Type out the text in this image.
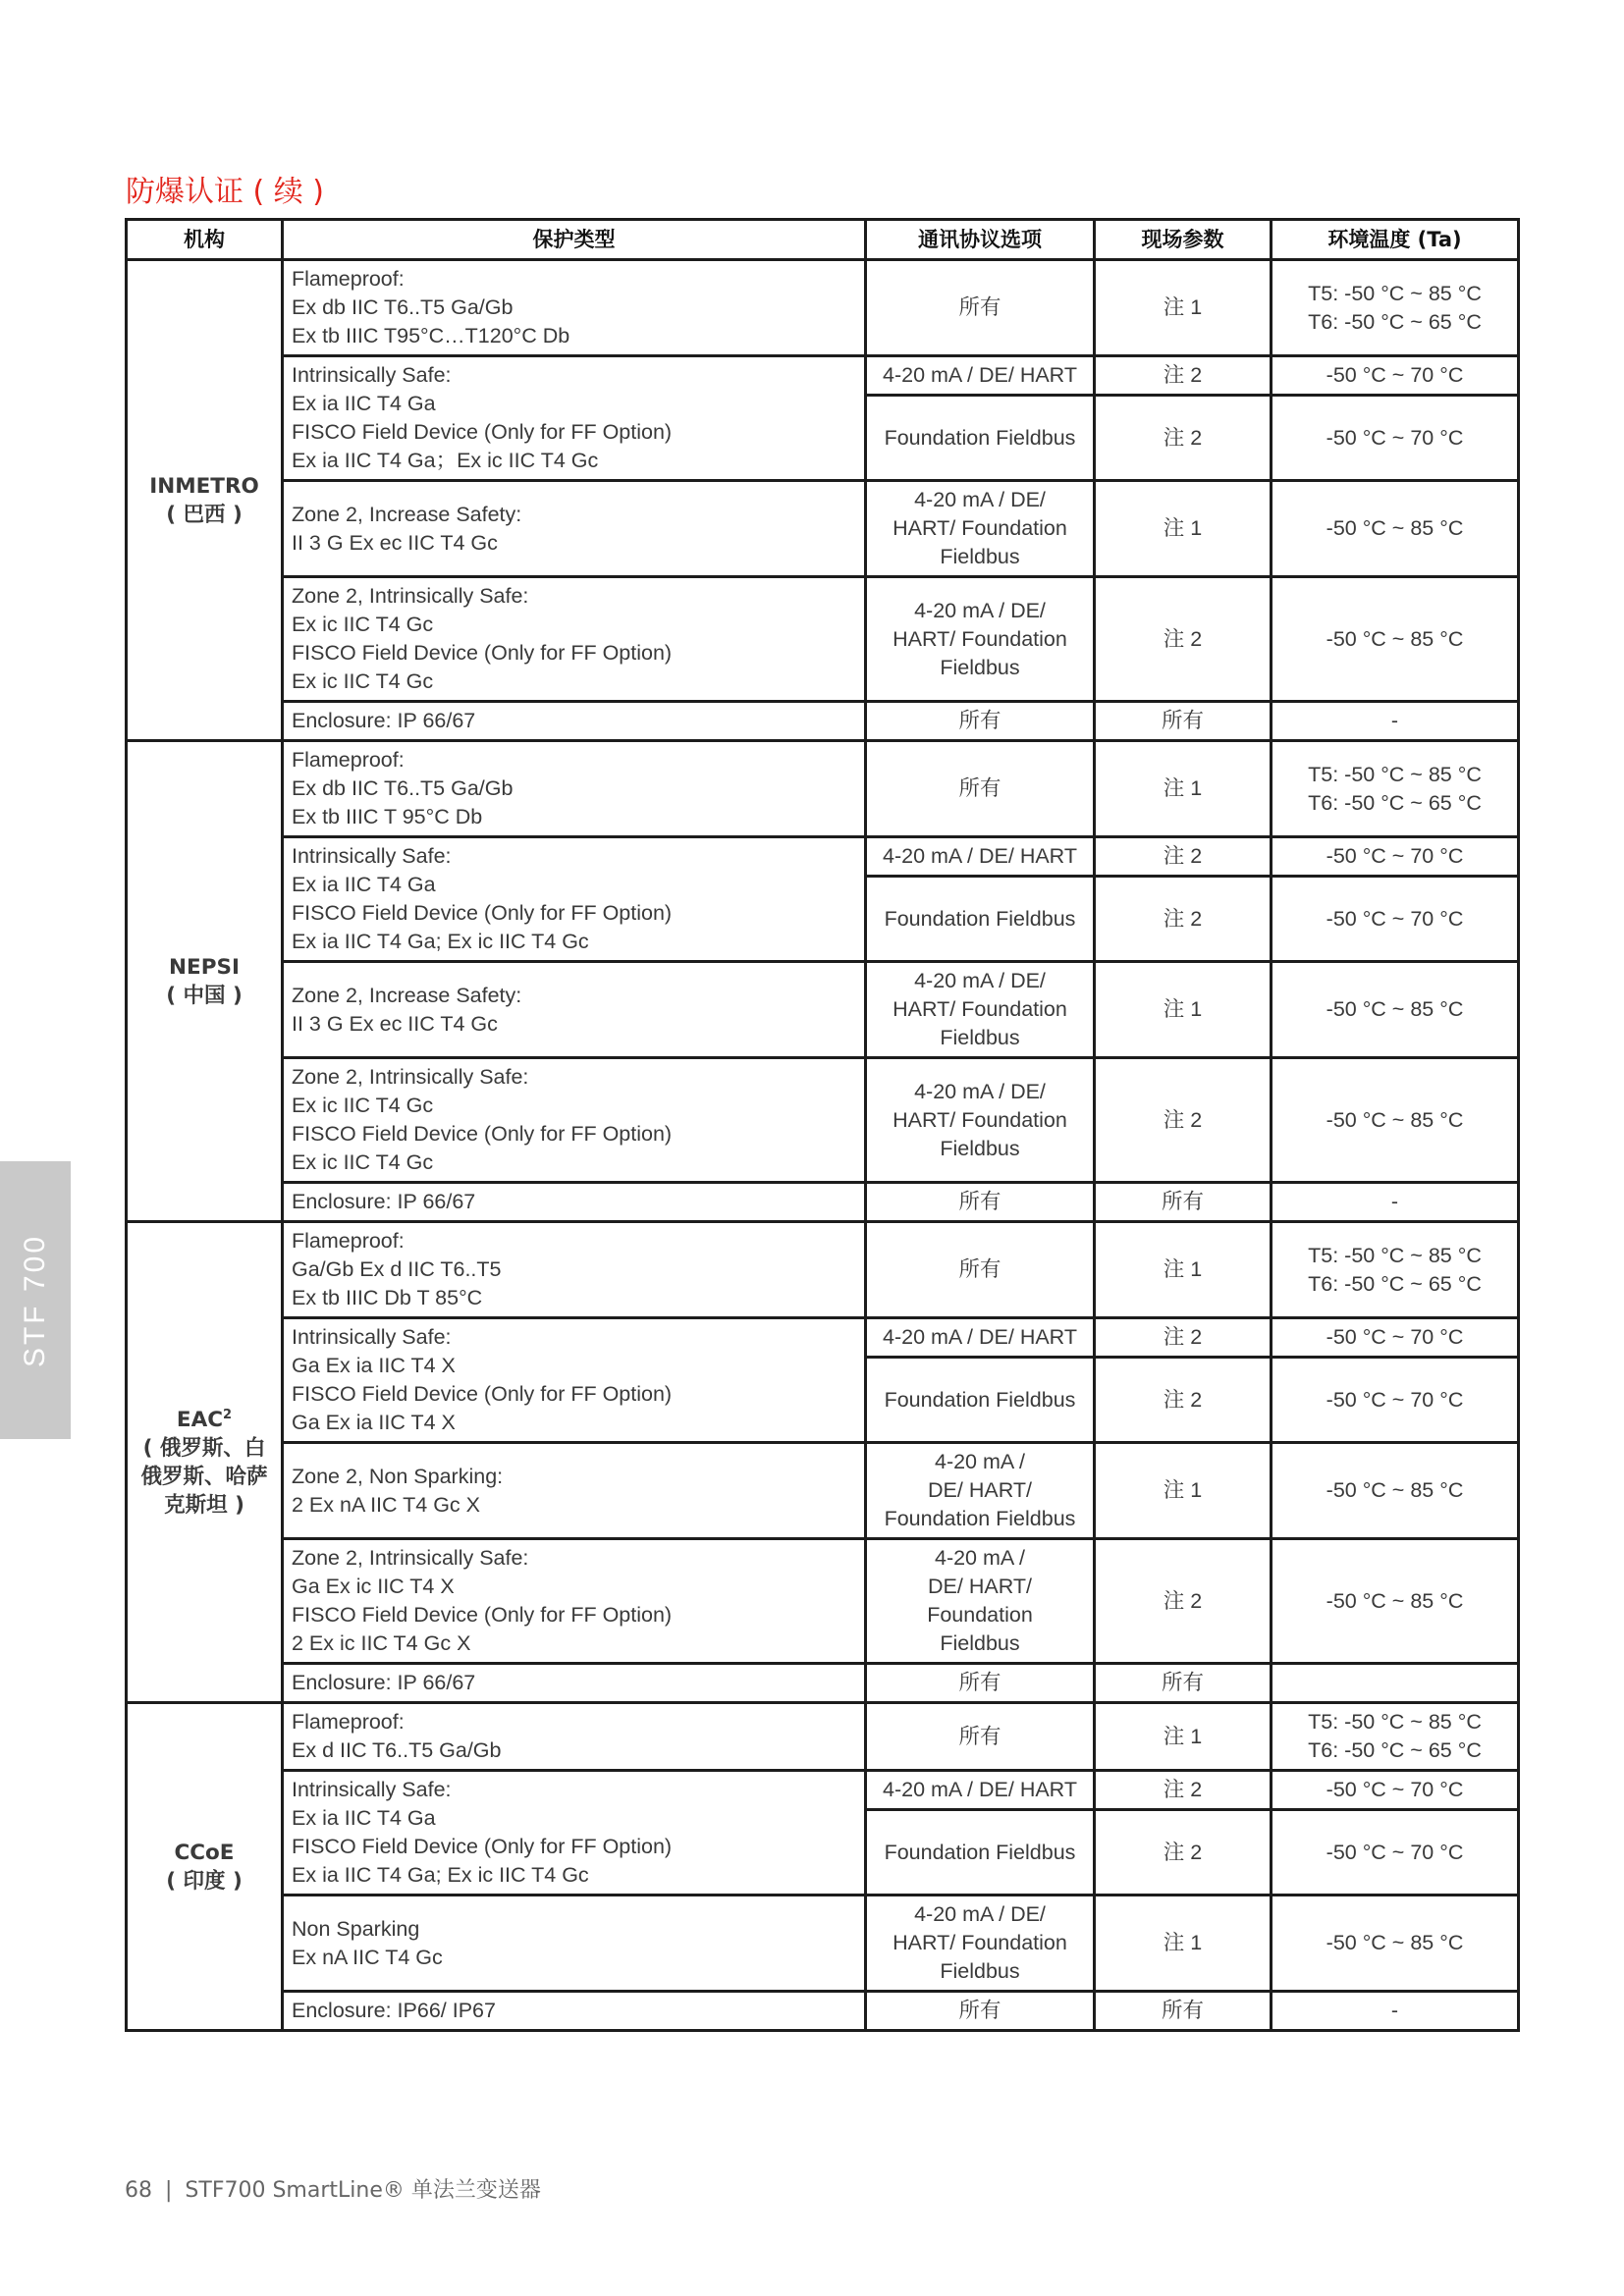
防爆认证 ( 续 )
机构	保护类型	通讯协议选项	现场参数	环境温度 (Ta)

INMETRO
( 巴西 )	Flameproof:
Ex db IIC T6..T5 Ga/Gb
Ex tb IIIC T95°C…T120°C Db	所有	注 1	T5: -50 °C ~ 85 °C
T6: -50 °C ~ 65 °C

	Intrinsically Safe:
Ex ia IIC T4 Ga
FISCO Field Device (Only for FF Option)
Ex ia IIC T4 Ga；Ex ic IIC T4 Gc	4-20 mA / DE/ HART	注 2	-50 °C ~ 70 °C

		Foundation Fieldbus	注 2	-50 °C ~ 70 °C

	Zone 2, Increase Safety:
II 3 G Ex ec IIC T4 Gc	4-20 mA / DE/
HART/ Foundation
Fieldbus	注 1	-50 °C ~ 85 °C

	Zone 2, Intrinsically Safe:
Ex ic IIC T4 Gc
FISCO Field Device (Only for FF Option)
Ex ic IIC T4 Gc	4-20 mA / DE/
HART/ Foundation
Fieldbus	注 2	-50 °C ~ 85 °C

	Enclosure: IP 66/67	所有	所有	-

NEPSI
( 中国 )	Flameproof:
Ex db IIC T6..T5 Ga/Gb
Ex tb IIIC T 95°C Db	所有	注 1	T5: -50 °C ~ 85 °C
T6: -50 °C ~ 65 °C

	Intrinsically Safe:
Ex ia IIC T4 Ga
FISCO Field Device (Only for FF Option)
Ex ia IIC T4 Ga; Ex ic IIC T4 Gc	4-20 mA / DE/ HART	注 2	-50 °C ~ 70 °C

		Foundation Fieldbus	注 2	-50 °C ~ 70 °C

	Zone 2, Increase Safety:
II 3 G Ex ec IIC T4 Gc	4-20 mA / DE/
HART/ Foundation
Fieldbus	注 1	-50 °C ~ 85 °C

	Zone 2, Intrinsically Safe:
Ex ic IIC T4 Gc
FISCO Field Device (Only for FF Option)
Ex ic IIC T4 Gc	4-20 mA / DE/
HART/ Foundation
Fieldbus	注 2	-50 °C ~ 85 °C

	Enclosure: IP 66/67	所有	所有	-

EAC$^2$
( 俄罗斯、白
俄罗斯、哈萨
克斯坦 )	Flameproof:
Ga/Gb Ex d IIC T6..T5
Ex tb IIIC Db T 85°C	所有	注 1	T5: -50 °C ~ 85 °C
T6: -50 °C ~ 65 °C

	Intrinsically Safe:
Ga Ex ia IIC T4 X
FISCO Field Device (Only for FF Option)
Ga Ex ia IIC T4 X	4-20 mA / DE/ HART	注 2	-50 °C ~ 70 °C

		Foundation Fieldbus	注 2	-50 °C ~ 70 °C

	Zone 2, Non Sparking:
2 Ex nA IIC T4 Gc X	4-20 mA /
DE/ HART/
Foundation Fieldbus	注 1	-50 °C ~ 85 °C

	Zone 2, Intrinsically Safe:
Ga Ex ic IIC T4 X
FISCO Field Device (Only for FF Option)
2 Ex ic IIC T4 Gc X	4-20 mA /
DE/ HART/
Foundation
Fieldbus	注 2	-50 °C ~ 85 °C

	Enclosure: IP 66/67	所有	所有	

CCoE
( 印度 )	Flameproof:
Ex d IIC T6..T5 Ga/Gb	所有	注 1	T5: -50 °C ~ 85 °C
T6: -50 °C ~ 65 °C

	Intrinsically Safe:
Ex ia IIC T4 Ga
FISCO Field Device (Only for FF Option)
Ex ia IIC T4 Ga; Ex ic IIC T4 Gc	4-20 mA / DE/ HART	注 2	-50 °C ~ 70 °C

		Foundation Fieldbus	注 2	-50 °C ~ 70 °C

	Non Sparking
Ex nA IIC T4 Gc	4-20 mA / DE/
HART/ Foundation
Fieldbus	注 1	-50 °C ~ 85 °C

	Enclosure: IP66/ IP67	所有	所有	-
STF 700
68 | STF700 SmartLine® 单法兰变送器
